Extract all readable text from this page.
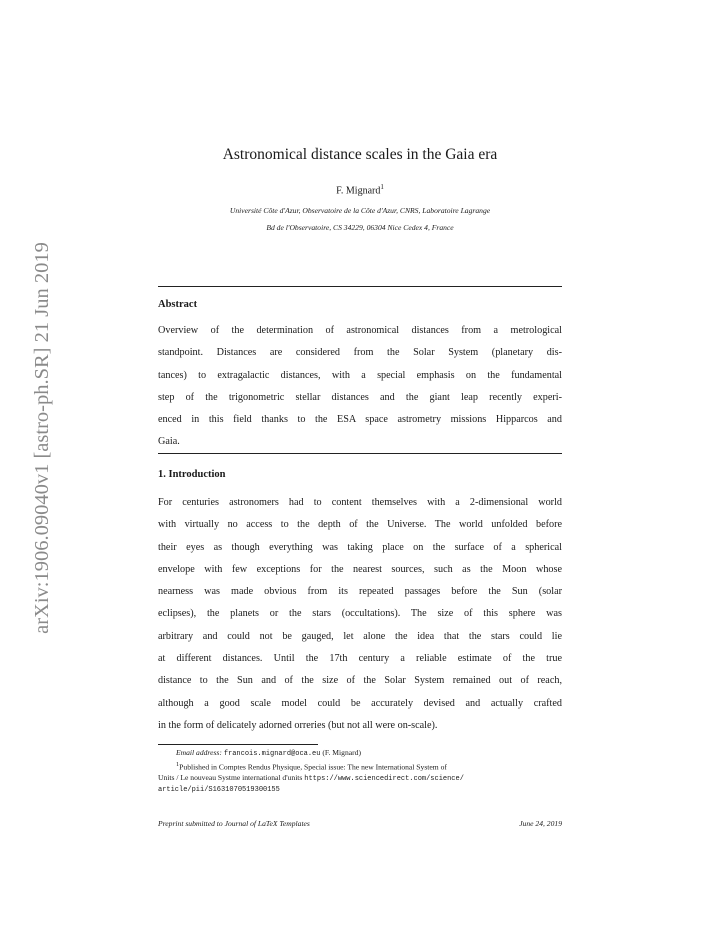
arXiv:1906.09040v1 [astro-ph.SR] 21 Jun 2019
Astronomical distance scales in the Gaia era
F. Mignard$^1$
Université Côte d'Azur, Observatoire de la Côte d'Azur, CNRS, Laboratoire Lagrange
Bd de l'Observatoire, CS 34229, 06304 Nice Cedex 4, France
Abstract
Overview of the determination of astronomical distances from a metrological
standpoint. Distances are considered from the Solar System (planetary dis-
tances) to extragalactic distances, with a special emphasis on the fundamental
step of the trigonometric stellar distances and the giant leap recently experi-
enced in this field thanks to the ESA space astrometry missions Hipparcos and
Gaia.
1. Introduction
For centuries astronomers had to content themselves with a 2-dimensional world
with virtually no access to the depth of the Universe. The world unfolded before
their eyes as though everything was taking place on the surface of a spherical
envelope with few exceptions for the nearest sources, such as the Moon whose
nearness was made obvious from its repeated passages before the Sun (solar
eclipses), the planets or the stars (occultations). The size of this sphere was
arbitrary and could not be gauged, let alone the idea that the stars could lie
at different distances. Until the 17th century a reliable estimate of the true
distance to the Sun and of the size of the Solar System remained out of reach,
although a good scale model could be accurately devised and actually crafted
in the form of delicately adorned orreries (but not all were on-scale).
Email address: francois.mignard@oca.eu (F. Mignard)
$^1$Published in Comptes Rendus Physique, Special issue: The new International System of
Units / Le nouveau Systme international d'units https://www.sciencedirect.com/science/
article/pii/S1631070519300155
Preprint submitted to Journal of LaTeX Templates	June 24, 2019
